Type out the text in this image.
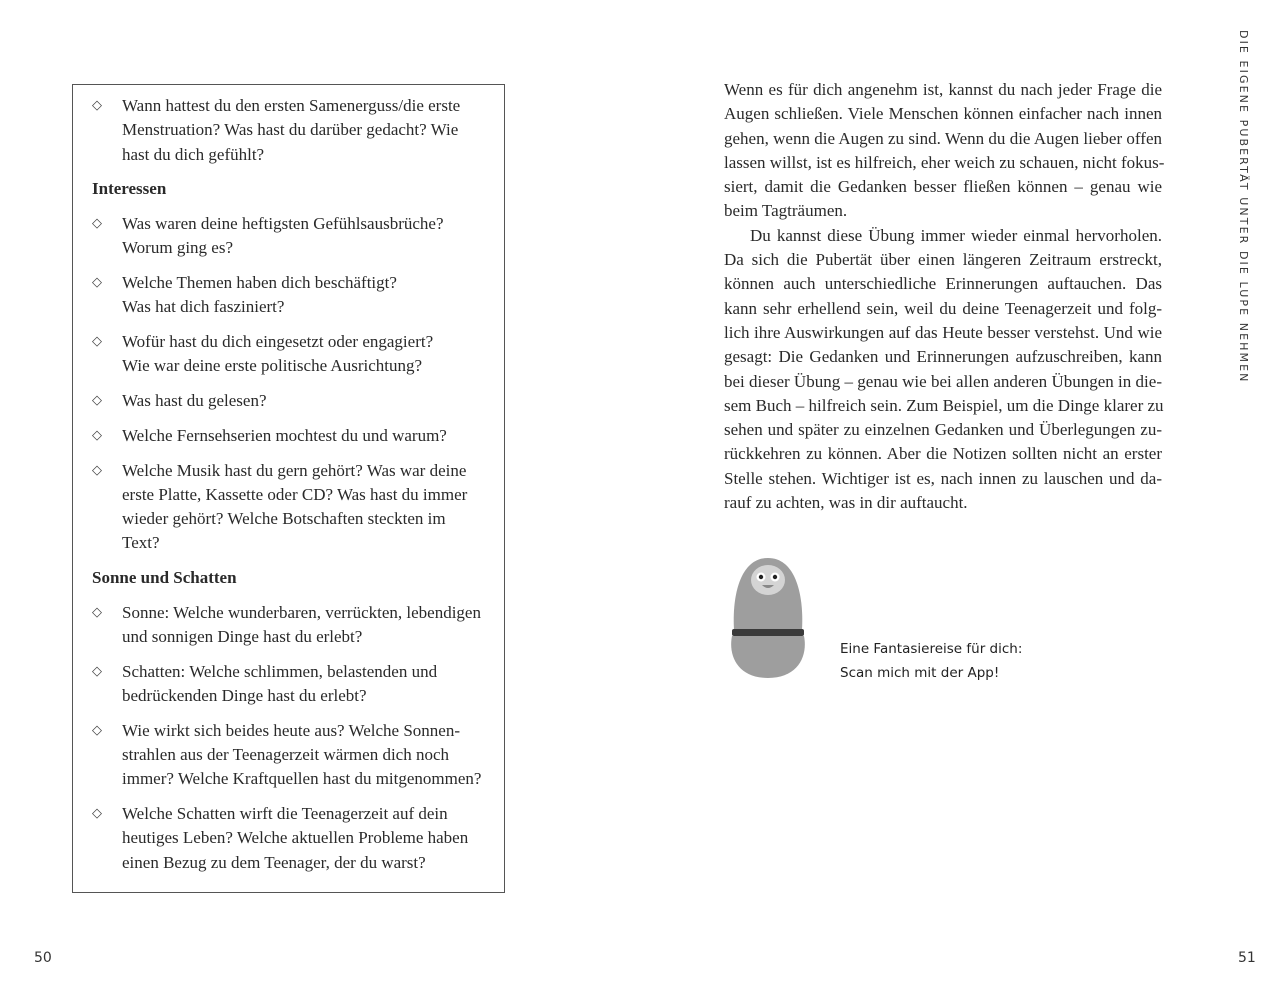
◇ Wann hattest du den ersten Samenerguss/die erste
Menstruation? Was hast du darüber gedacht? Wie
hast du dich gefühlt?
Interessen
◇ Was waren deine heftigsten Gefühlsausbrüche?
Worum ging es?
◇ Welche Themen haben dich beschäftigt?
Was hat dich fasziniert?
◇ Wofür hast du dich eingesetzt oder engagiert?
Wie war deine erste politische Ausrichtung?
◇ Was hast du gelesen?
◇ Welche Fernsehserien mochtest du und warum?
◇ Welche Musik hast du gern gehört? Was war deine
erste Platte, Kassette oder CD? Was hast du immer
wieder gehört? Welche Botschaften steckten im Text?
Sonne und Schatten
◇ Sonne: Welche wunderbaren, verrückten, lebendigen
und sonnigen Dinge hast du erlebt?
◇ Schatten: Welche schlimmen, belastenden und
bedrückenden Dinge hast du erlebt?
◇ Wie wirkt sich beides heute aus? Welche Sonnen-
strahlen aus der Teenagerzeit wärmen dich noch
immer? Welche Kraftquellen hast du mitgenommen?
◇ Welche Schatten wirft die Teenagerzeit auf dein
heutiges Leben? Welche aktuellen Probleme haben
einen Bezug zu dem Teenager, der du warst?
50
Wenn es für dich angenehm ist, kannst du nach jeder Frage die
Augen schließen. Viele Menschen können einfacher nach innen
gehen, wenn die Augen zu sind. Wenn du die Augen lieber offen
lassen willst, ist es hilfreich, eher weich zu schauen, nicht fokus-
siert, damit die Gedanken besser fließen können – genau wie
beim Tagträumen.
Du kannst diese Übung immer wieder einmal hervorholen.
Da sich die Pubertät über einen längeren Zeitraum erstreckt,
können auch unterschiedliche Erinnerungen auftauchen. Das
kann sehr erhellend sein, weil du deine Teenagerzeit und folg-
lich ihre Auswirkungen auf das Heute besser verstehst. Und wie
gesagt: Die Gedanken und Erinnerungen aufzuschreiben, kann
bei dieser Übung – genau wie bei allen anderen Übungen in die-
sem Buch – hilfreich sein. Zum Beispiel, um die Dinge klarer zu
sehen und später zu einzelnen Gedanken und Überlegungen zu-
rückkehren zu können. Aber die Notizen sollten nicht an erster
Stelle stehen. Wichtiger ist es, nach innen zu lauschen und da-
rauf zu achten, was in dir auftaucht.
DIE EIGENE PUBERTÄT UNTER DIE LUPE NEHMEN
Eine Fantasiereise für dich:
Scan mich mit der App!
51
